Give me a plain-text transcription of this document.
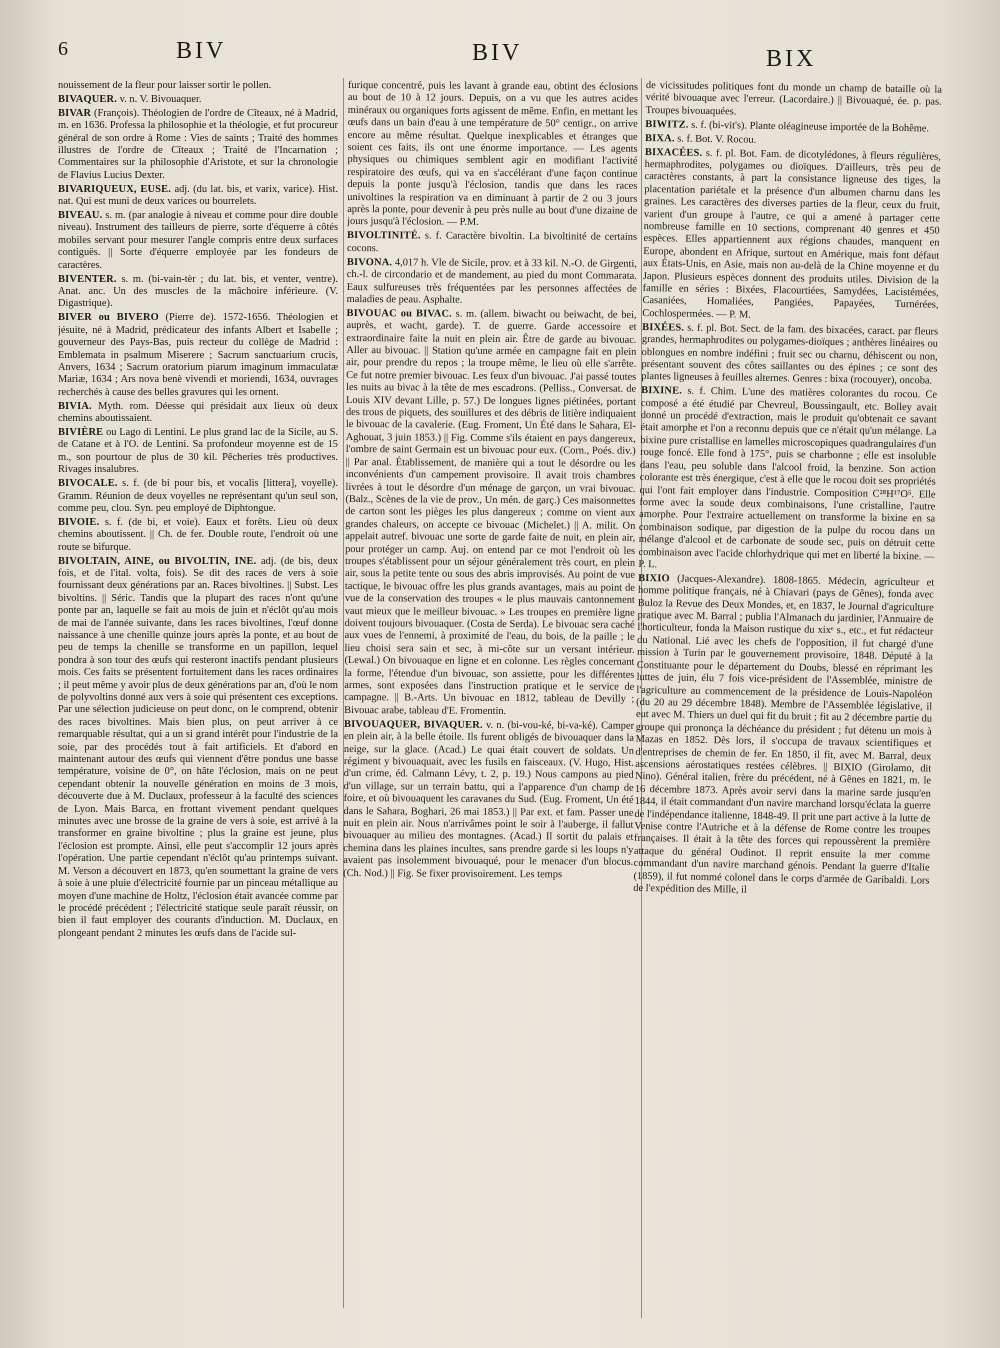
6	BIV	BIV	BIX

nouissement de la fleur pour laisser sortir le pollen.

BIVAQUER. v. n. V. Bivouaquer.

BIVAR (François). Théologien de l'ordre de Cîteaux, né à Madrid, m. en 1636. Professa la philosophie et la théologie, et fut procureur général de son ordre à Rome : Vies de saints ; Traité des hommes illustres de l'ordre de Cîteaux ; Traité de l'Incarnation ; Commentaires sur la philosophie d'Aristote, et sur la chronologie de Flavius Lucius Dexter.

BIVARIQUEUX, EUSE. adj. (du lat. bis, et varix, varice). Hist. nat. Qui est muni de deux varices ou bourrelets.

BIVEAU. s. m. (par analogie à niveau et comme pour dire double niveau). Instrument des tailleurs de pierre, sorte d'équerre à côtés mobiles servant pour mesurer l'angle compris entre deux surfaces contiguës. || Sorte d'équerre employée par les fondeurs de caractères.

BIVENTER. s. m. (bi-vain-tèr ; du lat. bis, et venter, ventre). Anat. anc. Un des muscles de la mâchoire inférieure. (V. Digastrique).

BIVER ou BIVERO (Pierre de). 1572-1656. Théologien et jésuite, né à Madrid, prédicateur des infants Albert et Isabelle ; gouverneur des Pays-Bas, puis recteur du collège de Madrid : Emblemata in psalmum Miserere ; Sacrum sanctuarium crucis, Anvers, 1634 ; Sacrum oratorium piarum imaginum immaculatæ Mariæ, 1634 ; Ars nova benè vivendi et moriendi, 1634, ouvrages recherchés à cause des belles gravures qui les ornent.

BIVIA. Myth. rom. Déesse qui présidait aux lieux où deux chemins aboutissaient.

BIVIÈRE ou Lago di Lentini. Le plus grand lac de la Sicile, au S. de Catane et à l'O. de Lentini. Sa profondeur moyenne est de 15 m., son pourtour de plus de 30 kil. Pêcheries très productives. Rivages insalubres.

BIVOCALE. s. f. (de bi pour bis, et vocalis [littera], voyelle). Gramm. Réunion de deux voyelles ne représentant qu'un seul son, comme peu, clou. Syn. peu employé de Diphtongue.

BIVOIE. s. f. (de bi, et voie). Eaux et forêts. Lieu où deux chemins aboutissent. || Ch. de fer. Double route, l'endroit où une route se bifurque.

BIVOLTAIN, AINE, ou BIVOLTIN, INE. adj. (de bis, deux fois, et de l'ital. volta, fois). Se dit des races de vers à soie fournissant deux générations par an. Races bivoltines. || Subst. Les bivoltins. || Séric. Tandis que la plupart des races n'ont qu'une ponte par an, laquelle se fait au mois de juin et n'éclôt qu'au mois de mai de l'année suivante, dans les races bivoltines, l'œuf donne naissance à une chenille quinze jours après la ponte, et au bout de peu de temps la chenille se transforme en un papillon, lequel pondra à son tour des œufs qui resteront inactifs pendant plusieurs mois. Ces faits se présentent fortuitement dans les races ordinaires ; il peut même y avoir plus de deux générations par an, d'où le nom de polyvoltins donné aux vers à soie qui présentent ces exceptions. Par une sélection judicieuse on peut donc, on le comprend, obtenir des races bivoltines. Mais bien plus, on peut arriver à ce remarquable résultat, qui a un si grand intérêt pour l'industrie de la soie, par des procédés tout à fait artificiels. Et d'abord en maintenant autour des œufs qui viennent d'être pondus une basse température, voisine de 0°, on hâte l'éclosion, mais on ne peut cependant obtenir la nouvelle génération en moins de 3 mois, découverte due à M. Duclaux, professeur à la faculté des sciences de Lyon. Mais Barca, en frottant vivement pendant quelques minutes avec une brosse de la graine de vers à soie, est arrivé à la transformer en graine bivoltine ; plus la graine est jeune, plus l'éclosion est prompte. Ainsi, elle peut s'accomplir 12 jours après l'opération. Une partie cependant n'éclôt qu'au printemps suivant. M. Verson a découvert en 1873, qu'en soumettant la graine de vers à soie à une pluie d'électricité fournie par un pinceau métallique au moyen d'une machine de Holtz, l'éclosion était avancée comme par le procédé précédent ; l'électricité statique seule paraît réussir, on bien il faut employer des courants d'induction. M. Duclaux, en plongeant pendant 2 minutes les œufs dans de l'acide sul-

furique concentré, puis les lavant à grande eau, obtint des éclosions au bout de 10 à 12 jours. Depuis, on a vu que les autres acides minéraux ou organiques forts agissent de même. Enfin, en mettant les œufs dans un bain d'eau à une température de 50° centigr., on arrive encore au même résultat. Quelque inexplicables et étranges que soient ces faits, ils ont une énorme importance. — Les agents physiques ou chimiques semblent agir en modifiant l'activité respiratoire des œufs, qui va en s'accélérant d'une façon continue depuis la ponte jusqu'à l'éclosion, tandis que dans les races univoltines la respiration va en diminuant à partir de 2 ou 3 jours après la ponte, pour devenir à peu près nulle au bout d'une dizaine de jours jusqu'à l'éclosion. — P.M.

BIVOLTINITÉ. s. f. Caractère bivoltin. La bivoltinité de certains cocons.

BIVONA. 4,017 h. Vle de Sicile, prov. et à 33 kil. N.-O. de Girgenti, ch.-l. de circondario et de mandement, au pied du mont Commarata. Eaux sulfureuses très fréquentées par les personnes affectées de maladies de peau. Asphalte.

BIVOUAC ou BIVAC. s. m. (allem. biwacht ou beiwacht, de bei, auprès, et wacht, garde). T. de guerre. Garde accessoire et extraordinaire faite la nuit en plein air. Être de garde au bivouac. Aller au bivouac. || Station qu'une armée en campagne fait en plein air, pour prendre du repos ; la troupe même, le lieu où elle s'arrête. Ce fut notre premier bivouac. Les feux d'un bivouac. J'ai passé toutes les nuits au bivac à la tête de mes escadrons. (Pelliss., Conversat. de Louis XIV devant Lille, p. 57.) De longues lignes piétinées, portant des trous de piquets, des souillures et des débris de litière indiquaient le bivouac de la cavalerie. (Eug. Froment, Un Été dans le Sahara, El-Aghouat, 3 juin 1853.) || Fig. Comme s'ils étaient en pays dangereux, l'ombre de saint Germain est un bivouac pour eux. (Corn., Poés. div.) || Par anal. Établissement, de manière qui a tout le désordre ou les inconvénients d'un campement provisoire. Il avait trois chambres livrées à tout le désordre d'un ménage de garçon, un vrai bivouac. (Balz., Scènes de la vie de prov., Un mén. de garç.) Ces maisonnettes de carton sont les pièges les plus dangereux ; comme on vient aux grandes chaleurs, on accepte ce bivouac (Michelet.) || A. milit. On appelait autref. bivouac une sorte de garde faite de nuit, en plein air, pour protéger un camp. Auj. on entend par ce mot l'endroit où les troupes s'établissent pour un séjour généralement très court, en plein air, sous la petite tente ou sous des abris improvisés. Au point de vue tactique, le bivouac offre les plus grands avantages, mais au point de vue de la conservation des troupes « le plus mauvais cantonnement vaut mieux que le meilleur bivouac. » Les troupes en première ligne doivent toujours bivouaquer. (Costa de Serda). Le bivouac sera caché aux vues de l'ennemi, à proximité de l'eau, du bois, de la paille ; le lieu choisi sera sain et sec, à mi-côte sur un versant intérieur. (Lewal.) On bivouaque en ligne et en colonne. Les règles concernant la forme, l'étendue d'un bivouac, son assiette, pour les différentes armes, sont exposées dans l'instruction pratique et le service de campagne. || B.-Arts. Un bivouac en 1812, tableau de Devilly ; Bivouac arabe, tableau d'E. Fromentin.

BIVOUAQUER, BIVAQUER. v. n. (bi-vou-ké, bi-va-ké). Camper en plein air, à la belle étoile. Ils furent obligés de bivouaquer dans la neige, sur la glace. (Acad.) Le quai était couvert de soldats. Un régiment y bivouaquait, avec les fusils en faisceaux. (V. Hugo, Hist. d'un crime, éd. Calmann Lévy, t. 2, p. 19.) Nous campons au pied d'un village, sur un terrain battu, qui a l'apparence d'un champ de foire, et où bivouaquent les caravanes du Sud. (Eug. Froment, Un été dans le Sahara, Boghari, 26 mai 1853.) || Par ext. et fam. Passer une nuit en plein air. Nous n'arrivâmes point le soir à l'auberge, il fallut bivouaquer au milieu des montagnes. (Acad.) Il sortit du palais et chemina dans les plaines incultes, sans prendre garde si les loups n'y avaient pas insolemment bivouaqué, pour le menacer d'un blocus. (Ch. Nod.) || Fig. Se fixer provisoirement. Les temps

de vicissitudes politiques font du monde un champ de bataille où la vérité bivouaque avec l'erreur. (Lacordaire.) || Bivouaqué, ée. p. pas. Troupes bivouaquées.

BIWITZ. s. f. (bi-vit's). Plante oléagineuse importée de la Bohême.

BIXA. s. f. Bot. V. Rocou.

BIXACÉES. s. f. pl. Bot. Fam. de dicotylédones, à fleurs régulières, hermaphrodites, polygames ou dioïques. D'ailleurs, très peu de caractères constants, à part la consistance ligneuse des tiges, la placentation pariétale et la présence d'un albumen charnu dans les graines. Les caractères des diverses parties de la fleur, ceux du fruit, varient d'un groupe à l'autre, ce qui a amené à partager cette nombreuse famille en 10 sections, comprenant 40 genres et 450 espèces. Elles appartiennent aux régions chaudes, manquent en Europe, abondent en Afrique, surtout en Amérique, mais font défaut aux États-Unis, en Asie, mais non au-delà de la Chine moyenne et du Japon. Plusieurs espèces donnent des produits utiles. Division de la famille en séries : Bixées, Flacourtiées, Samydées, Lacistémées, Casaniées, Homaliées, Pangiées, Papayées, Turnérées, Cochlospermées. — P. M.

BIXÉES. s. f. pl. Bot. Sect. de la fam. des bixacées, caract. par fleurs grandes, hermaphrodites ou polygames-dioïques ; anthères linéaires ou oblongues en nombre indéfini ; fruit sec ou charnu, déhiscent ou non, présentant souvent des côtes saillantes ou des épines ; ce sont des plantes ligneuses à feuilles alternes. Genres : bixa (rocouyer), oncoba.

BIXINE. s. f. Chim. L'une des matières colorantes du rocou. Ce composé a été étudié par Chevreul, Boussingault, etc. Bolley avait donné un procédé d'extraction, mais le produit qu'obtenait ce savant était amorphe et l'on a reconnu depuis que ce n'était qu'un mélange. La bixine pure cristallise en lamelles microscopiques quadrangulaires d'un rouge foncé. Elle fond à 175°, puis se charbonne ; elle est insoluble dans l'eau, peu soluble dans l'alcool froid, la benzine. Son action colorante est très énergique, c'est à elle que le rocou doit ses propriétés qui l'ont fait employer dans l'industrie. Composition C²⁸H¹⁷O⁵. Elle forme avec la soude deux combinaisons, l'une cristalline, l'autre amorphe. Pour l'extraire actuellement on transforme la bixine en sa combinaison sodique, par digestion de la pulpe du rocou dans un mélange d'alcool et de carbonate de soude sec, puis on détruit cette combinaison avec l'acide chlorhydrique qui met en liberté la bixine. — P. L.

BIXIO (Jacques-Alexandre). 1808-1865. Médecin, agriculteur et homme politique français, né à Chiavari (pays de Gênes), fonda avec Buloz la Revue des Deux Mondes, et, en 1837, le Journal d'agriculture pratique avec M. Barral ; publia l'Almanach du jardinier, l'Annuaire de l'horticulteur, fonda la Maison rustique du xixᵉ s., etc., et fut rédacteur du National. Lié avec les chefs de l'opposition, il fut chargé d'une mission à Turin par le gouvernement provisoire, 1848. Député à la Constituante pour le département du Doubs, blessé en réprimant les luttes de juin, élu 7 fois vice-président de l'Assemblée, ministre de l'agriculture au commencement de la présidence de Louis-Napoléon (du 20 au 29 décembre 1848). Membre de l'Assemblée législative, il eut avec M. Thiers un duel qui fit du bruit ; fit au 2 décembre partie du groupe qui prononça la déchéance du président ; fut détenu un mois à Mazas en 1852. Dès lors, il s'occupa de travaux scientifiques et d'entreprises de chemin de fer. En 1850, il fit, avec M. Barral, deux ascensions aérostatiques restées célèbres. || BIXIO (Girolamo, dit Nino). Général italien, frère du précédent, né à Gênes en 1821, m. le 16 décembre 1873. Après avoir servi dans la marine sarde jusqu'en 1844, il était commandant d'un navire marchand lorsqu'éclata la guerre de l'indépendance italienne, 1848-49. Il prit une part active à la lutte de Venise contre l'Autriche et à la défense de Rome contre les troupes françaises. Il était à la tête des forces qui repoussèrent la première attaque du général Oudinot. Il reprit ensuite la mer comme commandant d'un navire marchand génois. Pendant la guerre d'Italie (1859), il fut nommé colonel dans le corps d'armée de Garibaldi. Lors de l'expédition des Mille, il
